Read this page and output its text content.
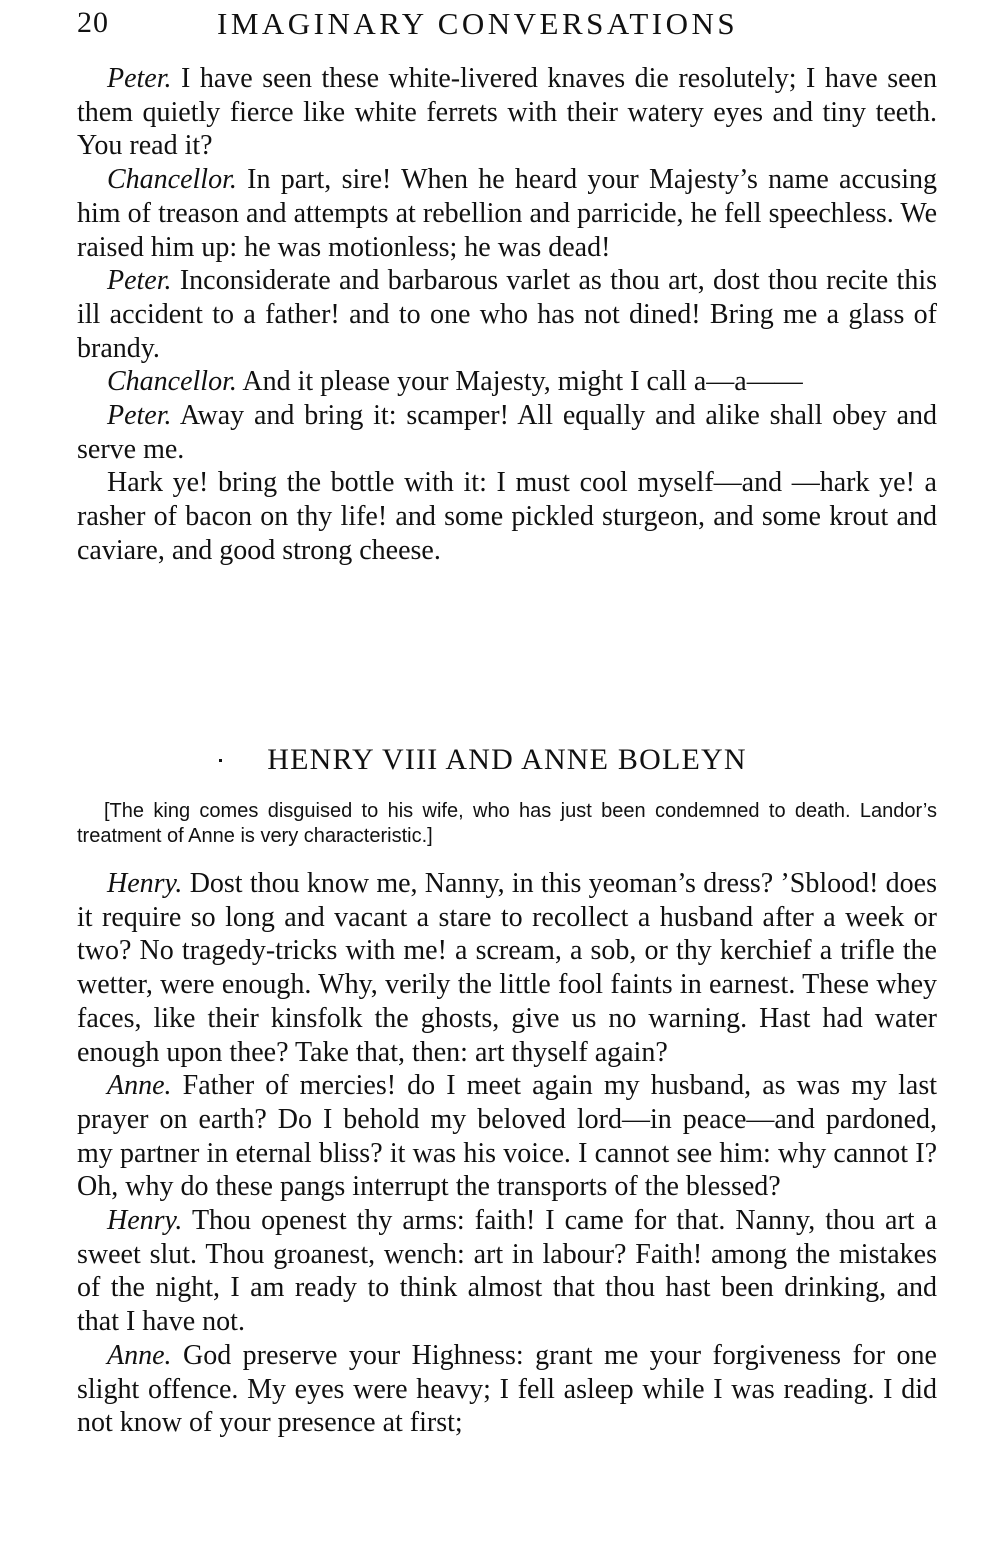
20	IMAGINARY CONVERSATIONS

Peter. I have seen these white-livered knaves die resolutely; I have seen them quietly fierce like white ferrets with their watery eyes and tiny teeth. You read it?

Chancellor. In part, sire! When he heard your Majesty’s name accusing him of treason and attempts at rebellion and parricide, he fell speechless. We raised him up: he was motionless; he was dead!

Peter. Inconsiderate and barbarous varlet as thou art, dost thou recite this ill accident to a father! and to one who has not dined! Bring me a glass of brandy.

Chancellor. And it please your Majesty, might I call a—a——

Peter. Away and bring it: scamper! All equally and alike shall obey and serve me.

Hark ye! bring the bottle with it: I must cool myself—and —hark ye! a rasher of bacon on thy life! and some pickled sturgeon, and some krout and caviare, and good strong cheese.

HENRY VIII AND ANNE BOLEYN
[The king comes disguised to his wife, who has just been condemned to death. Landor’s treatment of Anne is very characteristic.]

Henry. Dost thou know me, Nanny, in this yeoman’s dress? ’Sblood! does it require so long and vacant a stare to recollect a husband after a week or two? No tragedy-tricks with me! a scream, a sob, or thy kerchief a trifle the wetter, were enough. Why, verily the little fool faints in earnest. These whey faces, like their kinsfolk the ghosts, give us no warning. Hast had water enough upon thee? Take that, then: art thyself again?

Anne. Father of mercies! do I meet again my husband, as was my last prayer on earth? Do I behold my beloved lord—in peace—and pardoned, my partner in eternal bliss? it was his voice. I cannot see him: why cannot I? Oh, why do these pangs interrupt the transports of the blessed?

Henry. Thou openest thy arms: faith! I came for that. Nanny, thou art a sweet slut. Thou groanest, wench: art in labour? Faith! among the mistakes of the night, I am ready to think almost that thou hast been drinking, and that I have not.

Anne. God preserve your Highness: grant me your forgiveness for one slight offence. My eyes were heavy; I fell asleep while I was reading. I did not know of your presence at first;
